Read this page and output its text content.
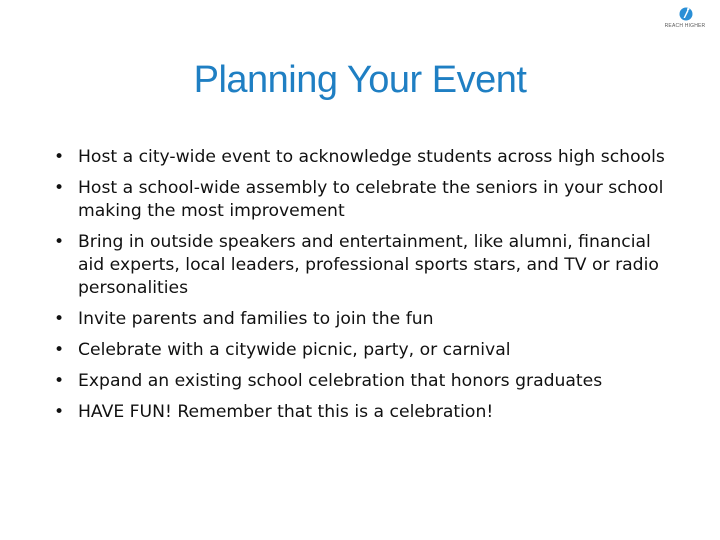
REACH HIGHER
Planning Your Event
• Host a city-wide event to acknowledge students across high schools
• Host a school-wide assembly to celebrate the seniors in your school making the most improvement
• Bring in outside speakers and entertainment, like alumni, financial aid experts, local leaders, professional sports stars, and TV or radio personalities
• Invite parents and families to join the fun
• Celebrate with a citywide picnic, party, or carnival
• Expand an existing school celebration that honors graduates
• HAVE FUN! Remember that this is a celebration!
